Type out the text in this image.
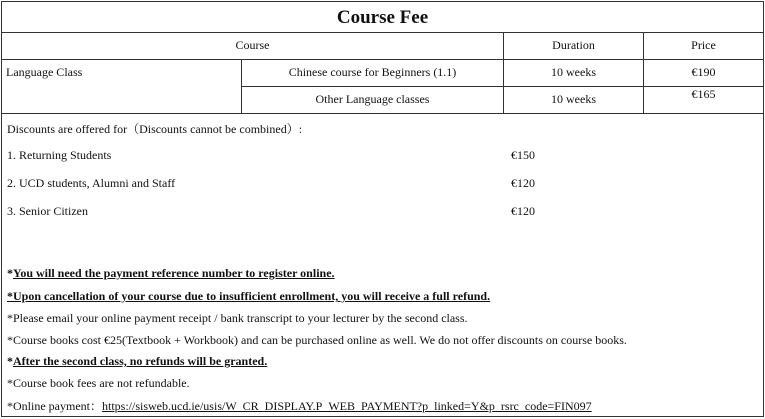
Course Fee
Course	Duration	Price
Language Class	Chinese course for Beginners (1.1)	10 weeks	€190
Other Language classes	10 weeks	€165
Discounts are offered for（Discounts cannot be combined）:
1. Returning Students	€150
2. UCD students, Alumni and Staff	€120
3. Senior Citizen	€120
*You will need the payment reference number to register online.
*Upon cancellation of your course due to insufficient enrollment, you will receive a full refund.
*Please email your online payment receipt / bank transcript to your lecturer by the second class.
*Course books cost €25(Textbook + Workbook) and can be purchased online as well. We do not offer discounts on course books.
*After the second class, no refunds will be granted.
*Course book fees are not refundable.
*Online payment：https://sisweb.ucd.ie/usis/W_CR_DISPLAY.P_WEB_PAYMENT?p_linked=Y&p_rsrc_code=FIN097
